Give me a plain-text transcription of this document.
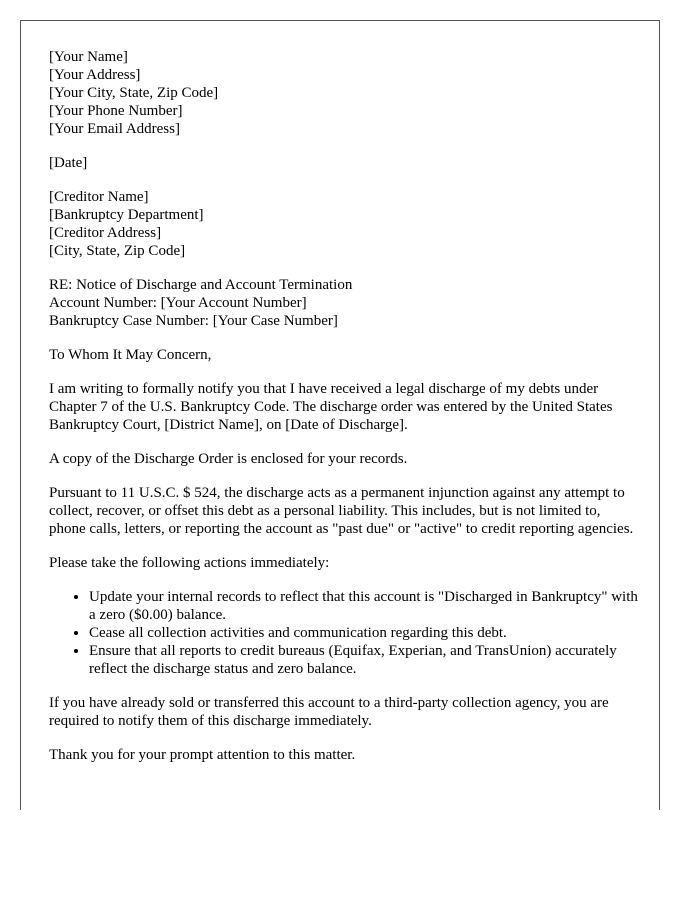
[Your Name]
[Your Address]
[Your City, State, Zip Code]
[Your Phone Number]
[Your Email Address]
[Date]
[Creditor Name]
[Bankruptcy Department]
[Creditor Address]
[City, State, Zip Code]
RE: Notice of Discharge and Account Termination
Account Number: [Your Account Number]
Bankruptcy Case Number: [Your Case Number]

To Whom It May Concern,

I am writing to formally notify you that I have received a legal discharge of my debts under Chapter 7 of the U.S. Bankruptcy Code. The discharge order was entered by the United States Bankruptcy Court, [District Name], on [Date of Discharge].

A copy of the Discharge Order is enclosed for your records.

Pursuant to 11 U.S.C. $ 524, the discharge acts as a permanent injunction against any attempt to collect, recover, or offset this debt as a personal liability. This includes, but is not limited to, phone calls, letters, or reporting the account as "past due" or "active" to credit reporting agencies.

Please take the following actions immediately:

• Update your internal records to reflect that this account is "Discharged in Bankruptcy" with a zero ($0.00) balance.
• Cease all collection activities and communication regarding this debt.
• Ensure that all reports to credit bureaus (Equifax, Experian, and TransUnion) accurately reflect the discharge status and zero balance.

If you have already sold or transferred this account to a third-party collection agency, you are required to notify them of this discharge immediately.

Thank you for your prompt attention to this matter.
